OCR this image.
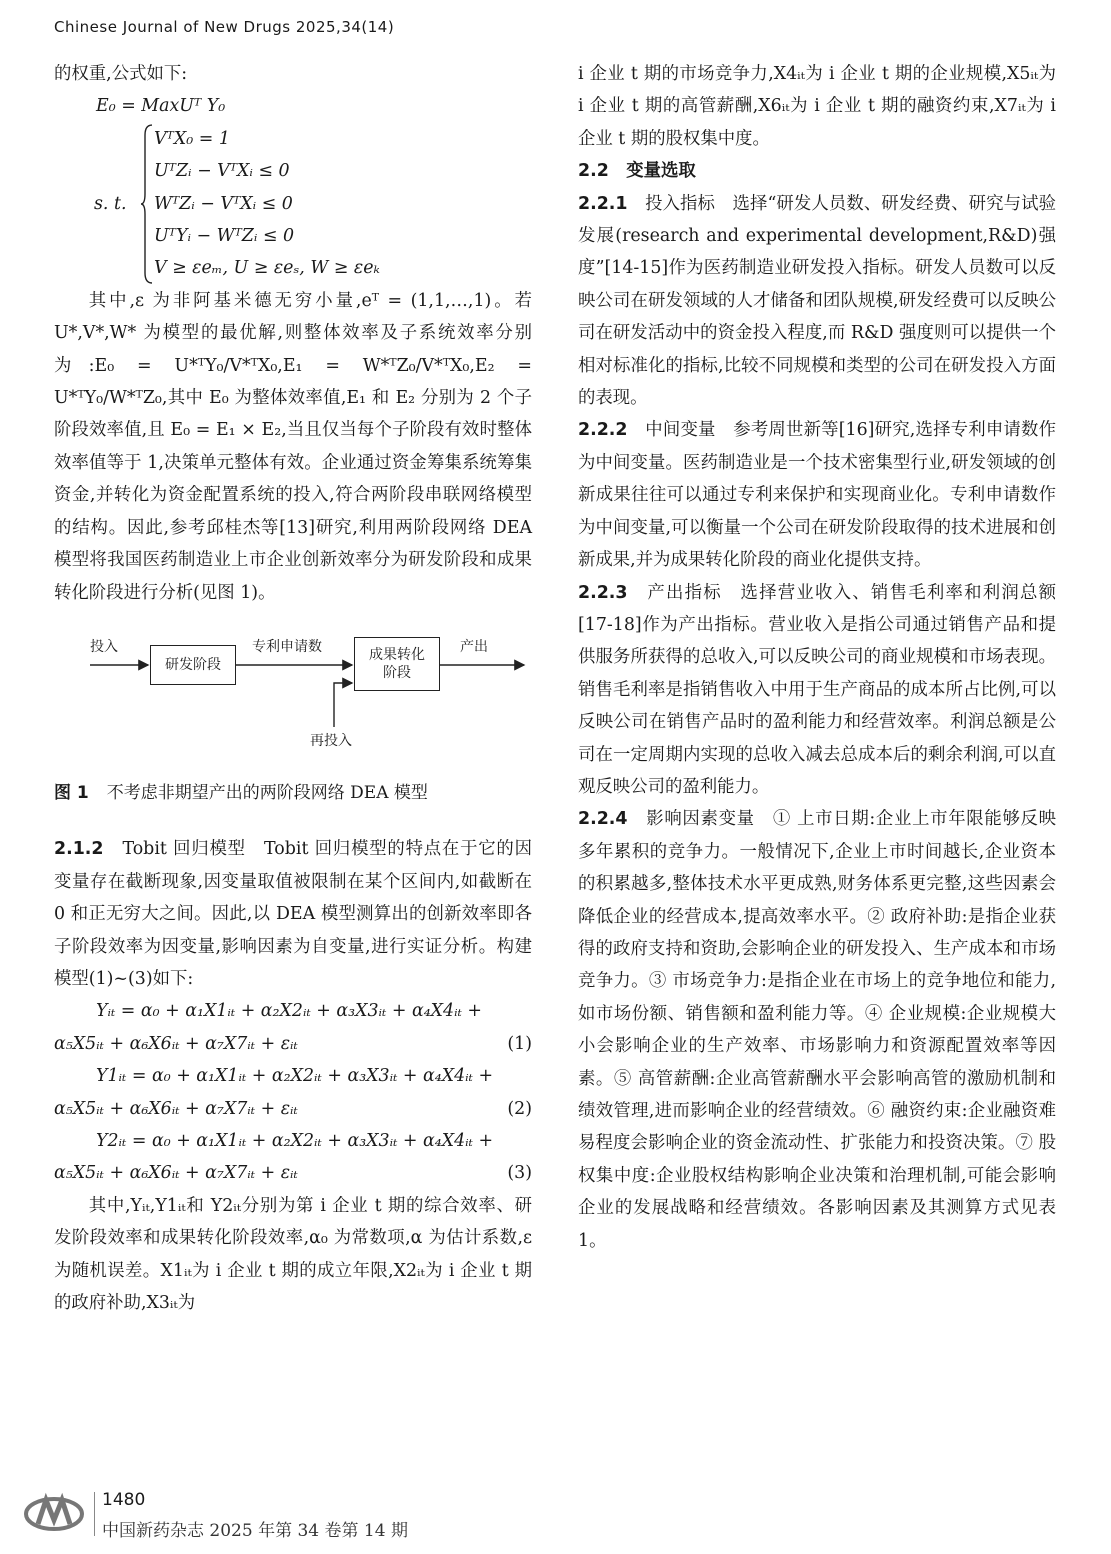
Chinese Journal of New Drugs 2025,34(14)

的权重,公式如下:

E₀ = MaxUᵀ Y₀

s. t.
VᵀX₀ = 1
UᵀZᵢ − VᵀXᵢ ≤ 0
WᵀZᵢ − VᵀXᵢ ≤ 0
UᵀYᵢ − WᵀZᵢ ≤ 0
V ≥ εeₘ, U ≥ εeₛ, W ≥ εeₖ

其中,ε 为非阿基米德无穷小量,eᵀ = (1,1,…,1)。若 U*,V*,W* 为模型的最优解,则整体效率及子系统效率分别为:E₀ = U*ᵀY₀/V*ᵀX₀,E₁ = W*ᵀZ₀/V*ᵀX₀,E₂ = U*ᵀY₀/W*ᵀZ₀,其中 E₀ 为整体效率值,E₁ 和 E₂ 分别为 2 个子阶段效率值,且 E₀ = E₁ × E₂,当且仅当每个子阶段有效时整体效率值等于 1,决策单元整体有效。企业通过资金筹集系统筹集资金,并转化为资金配置系统的投入,符合两阶段串联网络模型的结构。因此,参考邱桂杰等[13]研究,利用两阶段网络 DEA 模型将我国医药制造业上市企业创新效率分为研发阶段和成果转化阶段进行分析(见图 1)。

投入
研发阶段
专利申请数	成果转化
阶段
产出
再投入

图 1 不考虑非期望产出的两阶段网络 DEA 模型

2.1.2　 Tobit 回归模型　 Tobit 回归模型的特点在于它的因变量存在截断现象,因变量取值被限制在某个区间内,如截断在 0 和正无穷大之间。因此,以 DEA 模型测算出的创新效率即各子阶段效率为因变量,影响因素为自变量,进行实证分析。构建模型(1)~(3)如下:

Yᵢₜ = α₀ + α₁X1ᵢₜ + α₂X2ᵢₜ + α₃X3ᵢₜ + α₄X4ᵢₜ +
α₅X5ᵢₜ + α₆X6ᵢₜ + α₇X7ᵢₜ + εᵢₜ	(1)
Y1ᵢₜ = α₀ + α₁X1ᵢₜ + α₂X2ᵢₜ + α₃X3ᵢₜ + α₄X4ᵢₜ +
α₅X5ᵢₜ + α₆X6ᵢₜ + α₇X7ᵢₜ + εᵢₜ	(2)
Y2ᵢₜ = α₀ + α₁X1ᵢₜ + α₂X2ᵢₜ + α₃X3ᵢₜ + α₄X4ᵢₜ +
α₅X5ᵢₜ + α₆X6ᵢₜ + α₇X7ᵢₜ + εᵢₜ	(3)

其中,Yᵢₜ,Y1ᵢₜ和 Y2ᵢₜ分别为第 i 企业 t 期的综合效率、研发阶段效率和成果转化阶段效率,α₀ 为常数项,α 为估计系数,ε 为随机误差。X1ᵢₜ为 i 企业 t 期的成立年限,X2ᵢₜ为 i 企业 t 期的政府补助,X3ᵢₜ为

i 企业 t 期的市场竞争力,X4ᵢₜ为 i 企业 t 期的企业规模,X5ᵢₜ为 i 企业 t 期的高管薪酬,X6ᵢₜ为 i 企业 t 期的融资约束,X7ᵢₜ为 i 企业 t 期的股权集中度。

2.2　变量选取

2.2.1　 投入指标　 选择“研发人员数、研发经费、研究与试验发展(research and experimental development,R&D)强度”[14-15]作为医药制造业研发投入指标。研发人员数可以反映公司在研发领域的人才储备和团队规模,研发经费可以反映公司在研发活动中的资金投入程度,而 R&D 强度则可以提供一个相对标准化的指标,比较不同规模和类型的公司在研发投入方面的表现。

2.2.2　 中间变量　 参考周世新等[16]研究,选择专利申请数作为中间变量。医药制造业是一个技术密集型行业,研发领域的创新成果往往可以通过专利来保护和实现商业化。专利申请数作为中间变量,可以衡量一个公司在研发阶段取得的技术进展和创新成果,并为成果转化阶段的商业化提供支持。

2.2.3　 产出指标　 选择营业收入、销售毛利率和利润总额[17-18]作为产出指标。营业收入是指公司通过销售产品和提供服务所获得的总收入,可以反映公司的商业规模和市场表现。销售毛利率是指销售收入中用于生产商品的成本所占比例,可以反映公司在销售产品时的盈利能力和经营效率。利润总额是公司在一定周期内实现的总收入减去总成本后的剩余利润,可以直观反映公司的盈利能力。

2.2.4　 影响因素变量　 ① 上市日期:企业上市年限能够反映多年累积的竞争力。一般情况下,企业上市时间越长,企业资本的积累越多,整体技术水平更成熟,财务体系更完整,这些因素会降低企业的经营成本,提高效率水平。② 政府补助:是指企业获得的政府支持和资助,会影响企业的研发投入、生产成本和市场竞争力。③ 市场竞争力:是指企业在市场上的竞争地位和能力,如市场份额、销售额和盈利能力等。④ 企业规模:企业规模大小会影响企业的生产效率、市场影响力和资源配置效率等因素。⑤ 高管薪酬:企业高管薪酬水平会影响高管的激励机制和绩效管理,进而影响企业的经营绩效。⑥ 融资约束:企业融资难易程度会影响企业的资金流动性、扩张能力和投资决策。⑦ 股权集中度:企业股权结构影响企业决策和治理机制,可能会影响企业的发展战略和经营绩效。各影响因素及其测算方式见表 1。

1480
中国新药杂志 2025 年第 34 卷第 14 期
